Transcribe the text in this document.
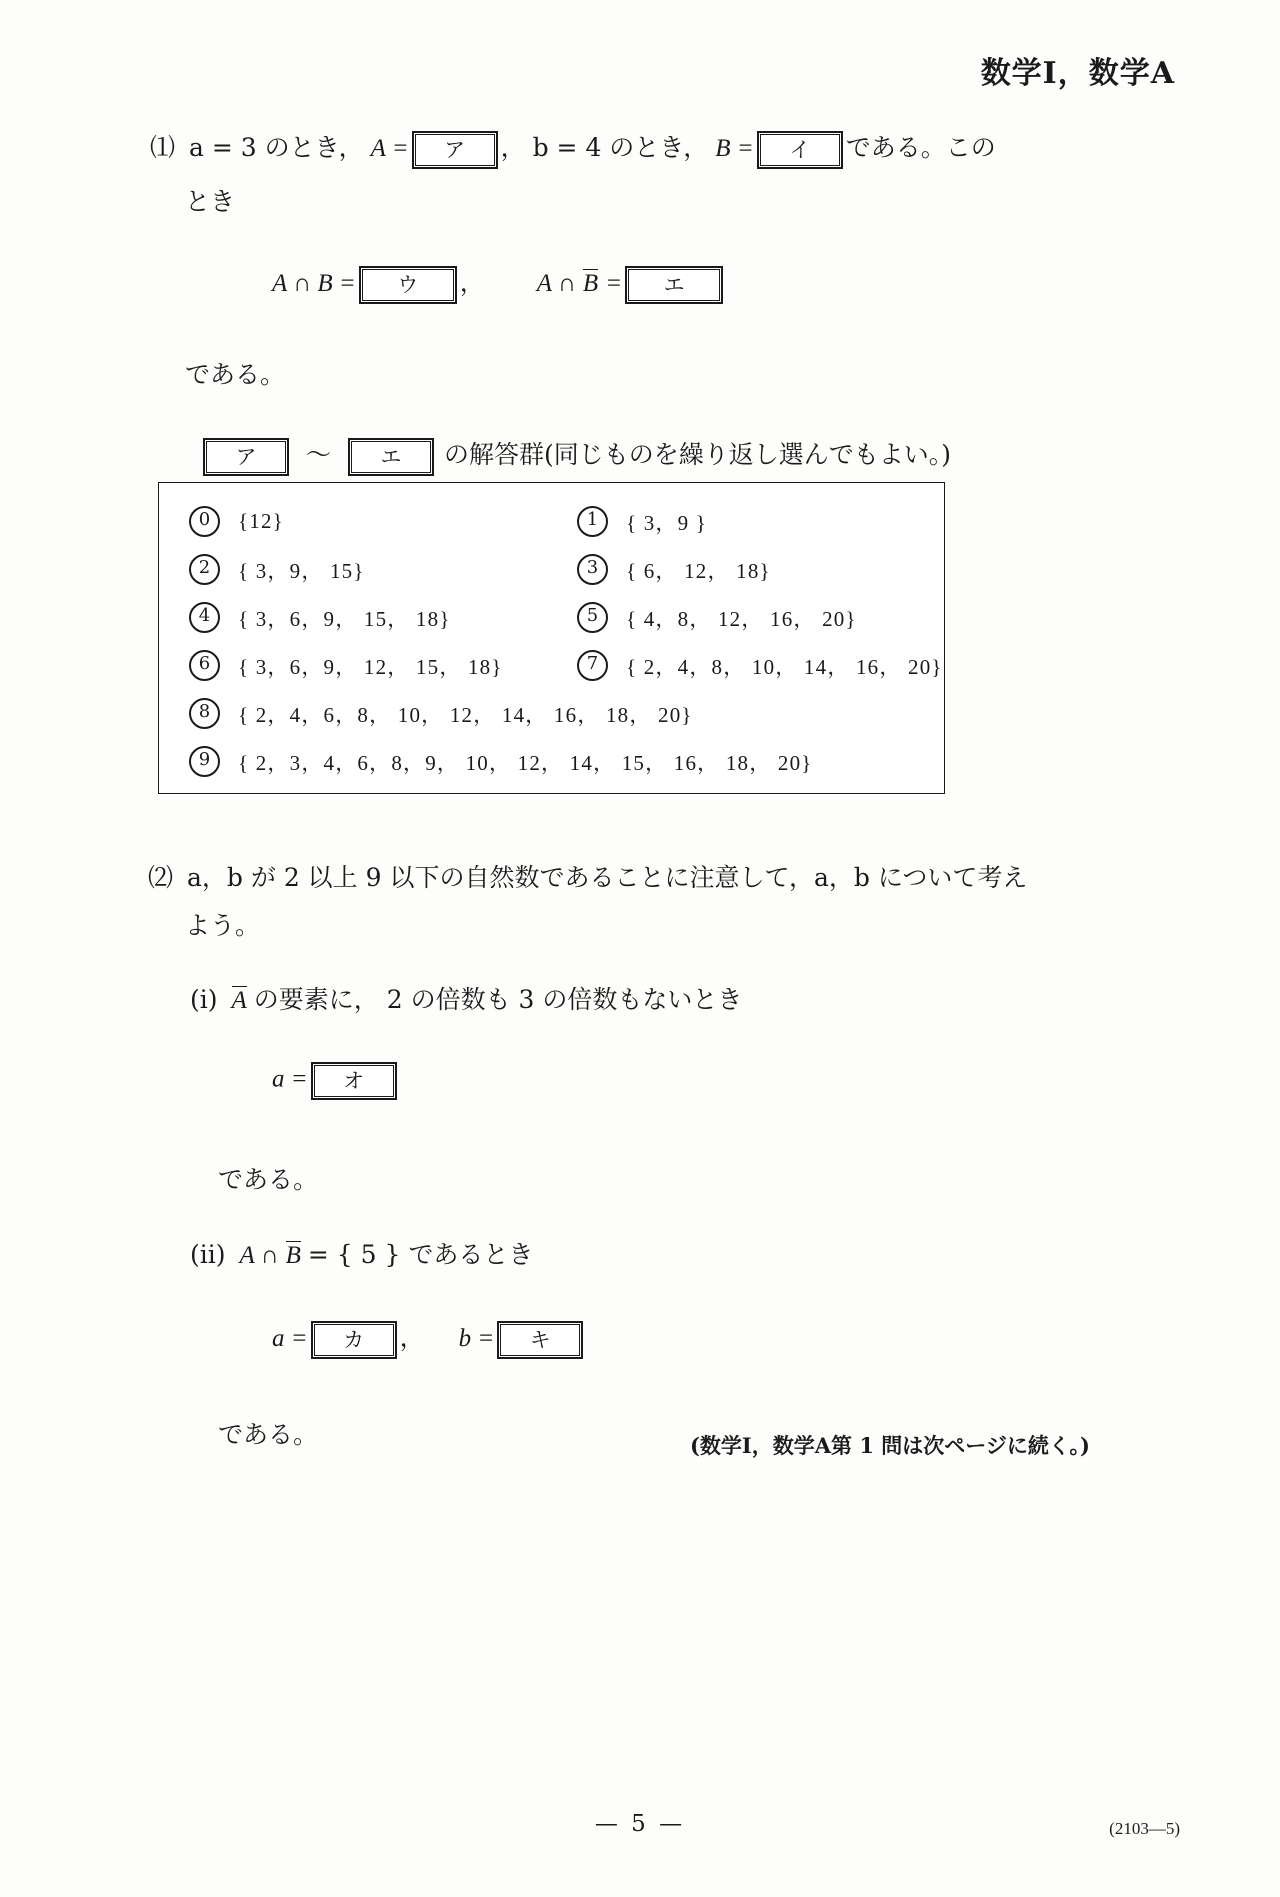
数学Ⅰ，数学A
⑴ a = 3 のとき， A =	ア	， b = 4 のとき， B =	イ	である。この
とき
A ∩ B =	ウ	， A ∩ B =	エ
である。
ア	～	エ	の解答群(同じものを繰り返し選んでもよい。)
0	{12}	1	{ 3，9 }
2	{ 3，9， 15}	3	{ 6， 12， 18}
4	{ 3，6，9， 15， 18}	5	{ 4，8， 12， 16， 20}
6	{ 3，6，9， 12， 15， 18}	7	{ 2，4，8， 10， 14， 16， 20}
8	{ 2，4，6，8， 10， 12， 14， 16， 18， 20}
9	{ 2，3，4，6，8，9， 10， 12， 14， 15， 16， 18， 20}
⑵ a，b が 2 以上 9 以下の自然数であることに注意して，a，b について考え
よう。
(i) A の要素に， 2 の倍数も 3 の倍数もないとき
a =	オ
である。
(ii) A ∩ B = { 5 } であるとき
a =	カ	， b =	キ
である。	(数学Ⅰ，数学A第 1 問は次ページに続く。)
— 5 —	(2103—5)
